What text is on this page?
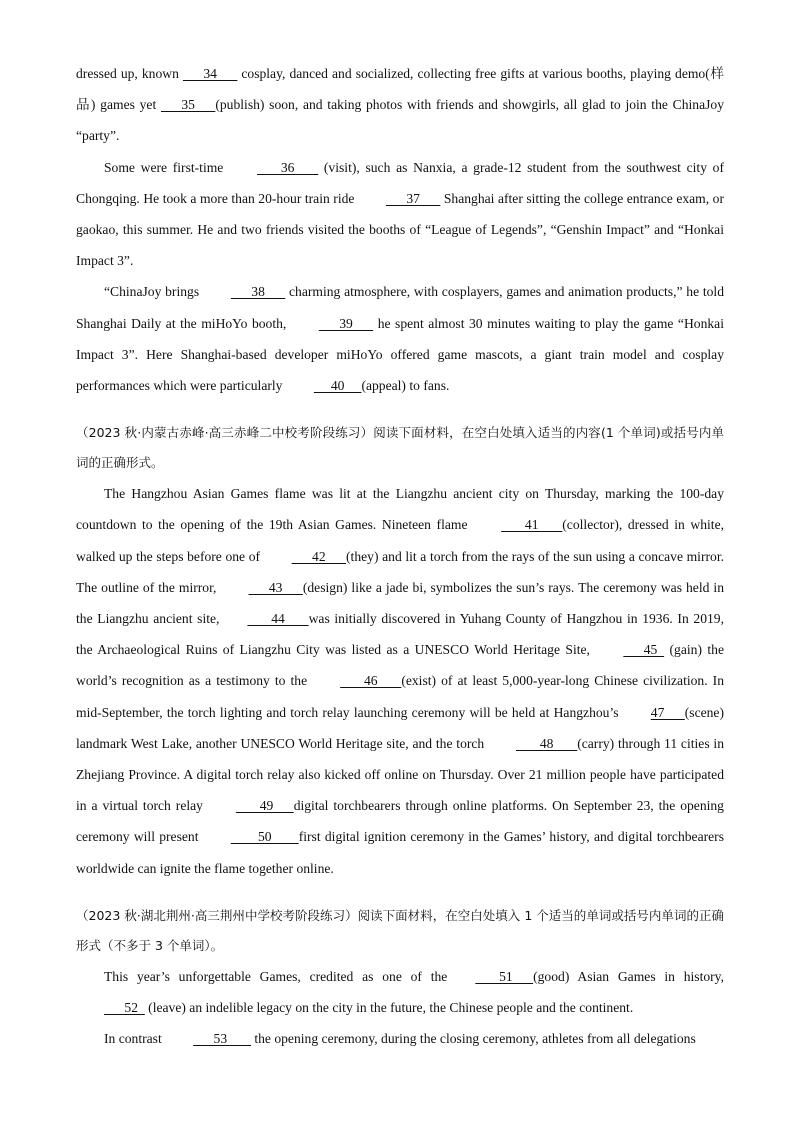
dressed up, known       34       cosplay, danced and socialized, collecting free gifts at various booths, playing demo(样品) games yet       35      (publish) soon, and taking photos with friends and showgirls, all glad to join the ChinaJoy “party”.

Some were first-time        36        (visit), such as Nanxia, a grade-12 student from the southwest city of Chongqing. He took a more than 20-hour train ride       37       Shanghai after sitting the college entrance exam, or gaokao, this summer. He and two friends visited the booths of “League of Legends”, “Genshin Impact” and “Honkai Impact 3”.

“ChinaJoy brings       38       charming atmosphere, with cosplayers, games and animation products,” he told Shanghai Daily at the miHoYo booth,       39       he spent almost 30 minutes waiting to play the game “Honkai Impact 3”. Here Shanghai-based developer miHoYo offered game mascots, a giant train model and cosplay performances which were particularly      40     (appeal) to fans.

（2023 秋·内蒙古赤峰·高三赤峰二中校考阶段练习）阅读下面材料，在空白处填入适当的内容(1 个单词)或括号内单词的正确形式。

The Hangzhou Asian Games flame was lit at the Liangzhu ancient city on Thursday, marking the 100-day countdown to the opening of the 19th Asian Games. Nineteen flame        41       (collector), dressed in white, walked up the steps before one of       42      (they) and lit a torch from the rays of the sun using a concave mirror. The outline of the mirror,       43      (design) like a jade bi, symbolizes the sun’s rays. The ceremony was held in the Liangzhu ancient site,       44       was initially discovered in Yuhang County of Hangzhou in 1936. In 2019, the Archaeological Ruins of Liangzhu City was listed as a UNESCO World Heritage Site,       45   (gain) the world’s recognition as a testimony to the        46       (exist) of at least 5,000-year-long Chinese civilization. In mid-September, the torch lighting and torch relay launching ceremony will be held at Hangzhou’s 47      (scene) landmark West Lake, another UNESCO World Heritage site, and the torch        48       (carry) through 11 cities in Zhejiang Province. A digital torch relay also kicked off online on Thursday. Over 21 million people have participated in a virtual torch relay        49      digital torchbearers through online platforms. On September 23, the opening ceremony will present         50        first digital ignition ceremony in the Games’ history, and digital torchbearers worldwide can ignite the flame together online.

（2023 秋·湖北荆州·高三荆州中学校考阶段练习）阅读下面材料，在空白处填入 1 个适当的单词或括号内单词的正确形式（不多于 3 个单词）。

This year’s unforgettable Games, credited as one of the       51      (good) Asian Games in history,       52   (leave) an indelible legacy on the city in the future, the Chinese people and the continent.

In contrast       53        the opening ceremony, during the closing ceremony, athletes from all delegations
